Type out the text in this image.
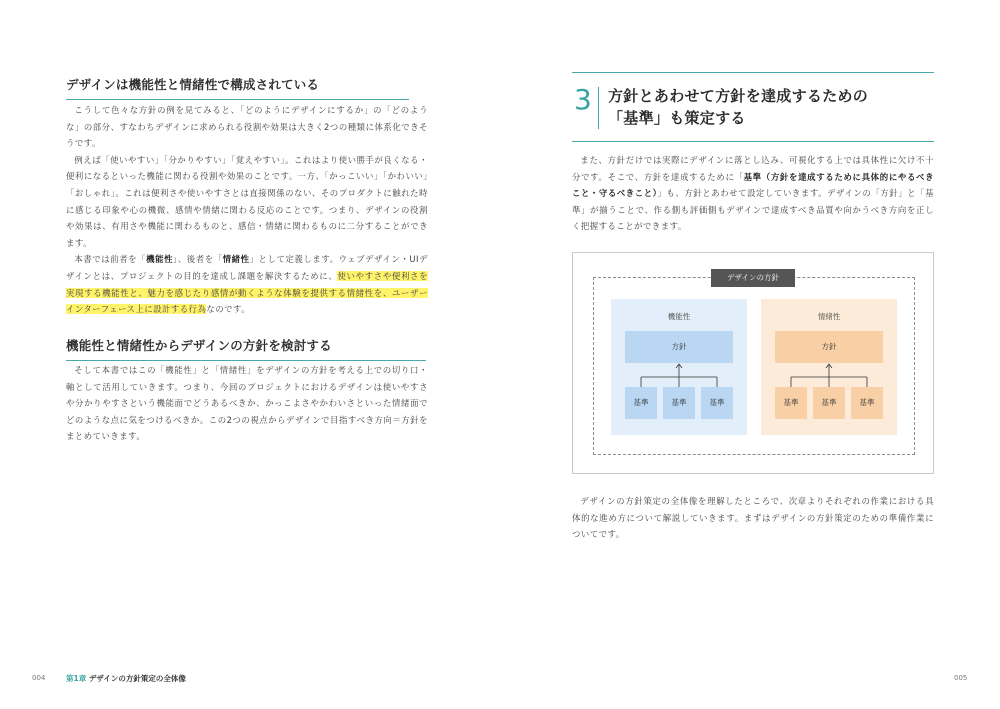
デザインは機能性と情緒性で構成されている

こうして色々な方針の例を見てみると、「どのようにデザインにするか」の「どのような」の部分、すなわちデザインに求められる役割や効果は大きく2つの種類に体系化できそうです。

例えば「使いやすい」「分かりやすい」「覚えやすい」。これはより使い勝手が良くなる・便利になるといった機能に関わる役割や効果のことです。一方、「かっこいい」「かわいい」「おしゃれ」。これは便利さや使いやすさとは直接関係のない、そのプロダクトに触れた時に感じる印象や心の機微、感情や情緒に関わる反応のことです。つまり、デザインの役割や効果は、有用さや機能に関わるものと、感信・情緒に関わるものに二分することができます。

本書では前者を「機能性」、後者を「情緒性」として定義します。ウェブデザイン・UIデザインとは、プロジェクトの目的を達成し課題を解決するために、使いやすさや便利さを実現する機能性と、魅力を感じたり感情が動くような体験を提供する情緒性を、ユーザーインターフェース上に設計する行為なのです。

機能性と情緒性からデザインの方針を検討する

そして本書ではこの「機能性」と「情緒性」をデザインの方針を考える上での切り口・軸として活用していきます。つまり、今回のプロジェクトにおけるデザインは使いやすさや分かりやすさという機能面でどうあるべきか、かっこよさやかわいさといった情緒面でどのような点に気をつけるべきか。この2つの視点からデザインで目指すべき方向＝方針をまとめていきます。

004	第1章 デザインの方針策定の全体像
3 方針とあわせて方針を達成するための
「基準」も策定する

また、方針だけでは実際にデザインに落とし込み、可視化する上では具体性に欠け不十分です。そこで、方針を達成するために「基準（方針を達成するために具体的にやるべきこと・守るべきこと）」も、方針とあわせて設定していきます。デザインの「方針」と「基準」が揃うことで、作る側も評価側もデザインで達成すべき品質や向かうべき方向を正しく把握することができます。

デザインの方針
機能性
方針
基準	基準	基準
情緒性
方針
基準	基準	基準

デザインの方針策定の全体像を理解したところで、次章よりそれぞれの作業における具体的な進め方について解説していきます。まずはデザインの方針策定のための準備作業についてです。

005
